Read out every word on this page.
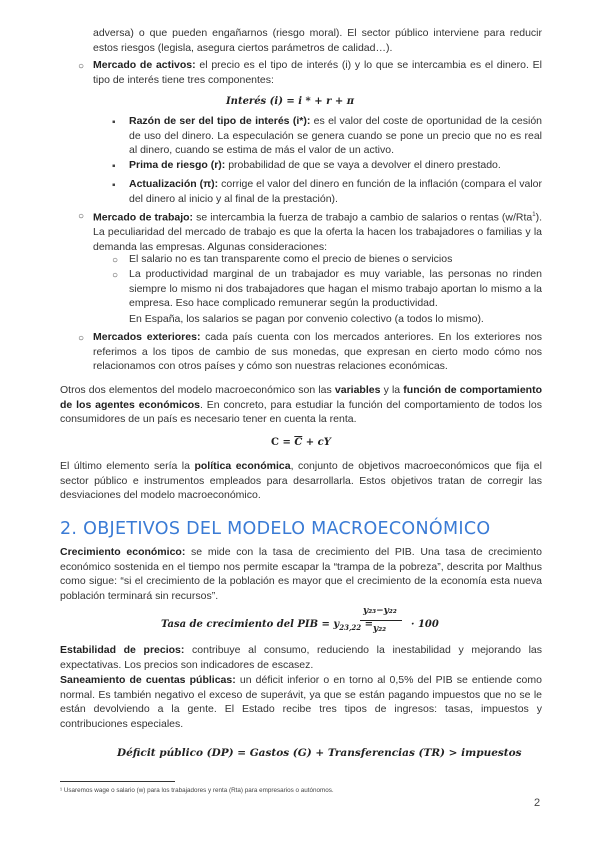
adversa) o que pueden engañarnos (riesgo moral). El sector público interviene para reducir estos riesgos (legisla, asegura ciertos parámetros de calidad…).
○ Mercado de activos: el precio es el tipo de interés (i) y lo que se intercambia es el dinero. El tipo de interés tiene tres componentes:
Interés (i) = i * + r + π
▪ Razón de ser del tipo de interés (i*): es el valor del coste de oportunidad de la cesión de uso del dinero. La especulación se genera cuando se pone un precio que no es real al dinero, cuando se estima de más el valor de un activo.
▪ Prima de riesgo (r): probabilidad de que se vaya a devolver el dinero prestado.
▪ Actualización (π): corrige el valor del dinero en función de la inflación (compara el valor del dinero al inicio y al final de la prestación).
○ Mercado de trabajo: se intercambia la fuerza de trabajo a cambio de salarios o rentas (w/Rta$^1$). La peculiaridad del mercado de trabajo es que la oferta la hacen los trabajadores o familias y la demanda las empresas. Algunas consideraciones:
○ El salario no es tan transparente como el precio de bienes o servicios
○ La productividad marginal de un trabajador es muy variable, las personas no rinden siempre lo mismo ni dos trabajadores que hagan el mismo trabajo aportan lo mismo a la empresa. Eso hace complicado remunerar según la productividad.
En España, los salarios se pagan por convenio colectivo (a todos lo mismo).
○ Mercados exteriores: cada país cuenta con los mercados anteriores. En los exteriores nos referimos a los tipos de cambio de sus monedas, que expresan en cierto modo cómo nos relacionamos con otros países y cómo son nuestras relaciones económicas.
Otros dos elementos del modelo macroeconómico son las variables y la función de comportamiento de los agentes económicos. En concreto, para estudiar la función del comportamiento de todos los consumidores de un país es necesario tener en cuenta la renta.
$C = \overline{C}$ + cY
El último elemento sería la política económica, conjunto de objetivos macroeconómicos que fija el sector público e instrumentos empleados para desarrollarla. Estos objetivos tratan de corregir las desviaciones del modelo macroeconómico.
2. OBJETIVOS DEL MODELO MACROECONÓMICO
Crecimiento económico: se mide con la tasa de crecimiento del PIB. Una tasa de crecimiento económico sostenida en el tiempo nos permite escapar la “trampa de la pobreza”, descrita por Malthus como sigue: “si el crecimiento de la población es mayor que el crecimiento de la economía esta nueva población terminará sin recursos”.
Tasa de crecimiento del PIB = $y_{23,22}$ =
y₂₃−y₂₂
y₂₂ · 100
Estabilidad de precios: contribuye al consumo, reduciendo la inestabilidad y mejorando las expectativas. Los precios son indicadores de escasez.
Saneamiento de cuentas públicas: un déficit inferior o en torno al 0,5% del PIB se entiende como normal. Es también negativo el exceso de superávit, ya que se están pagando impuestos que no se le están devolviendo a la gente. El Estado recibe tres tipos de ingresos: tasas, impuestos y contribuciones especiales.
Déficit público (DP) = Gastos (G) + Transferencias (TR) > impuestos
¹ Usaremos wage o salario (w) para los trabajadores y renta (Rta) para empresarios o autónomos.
2
